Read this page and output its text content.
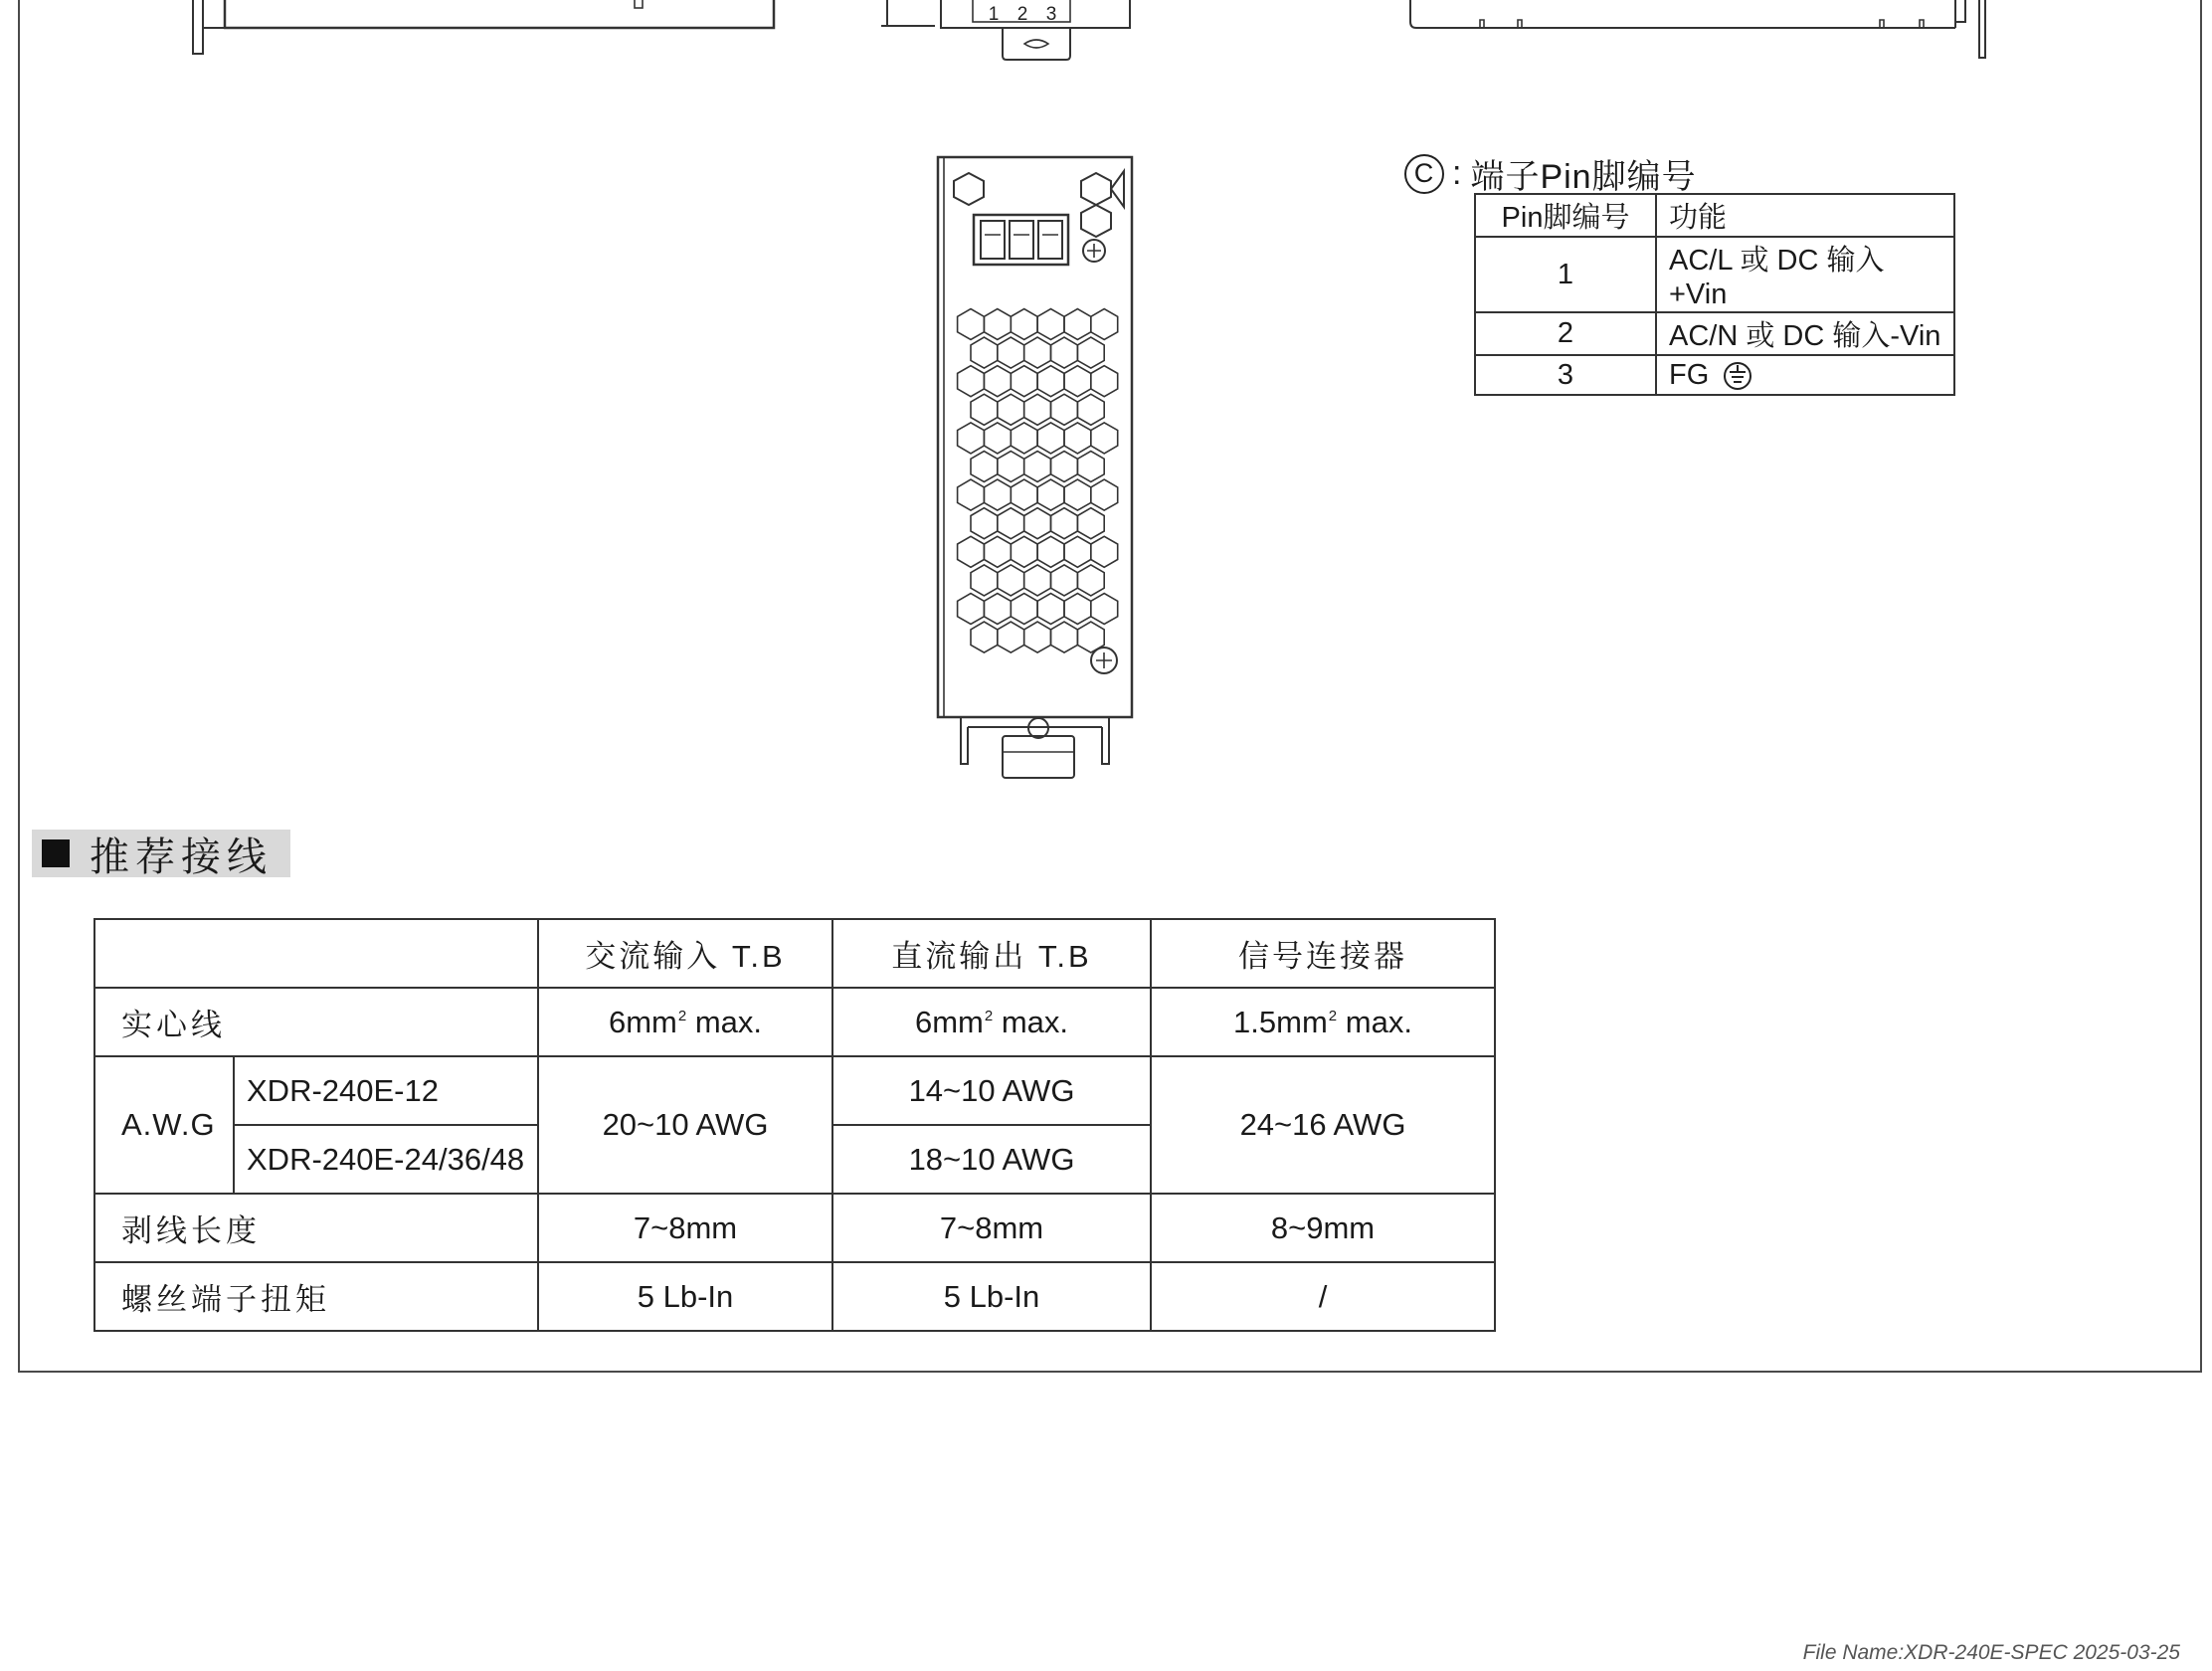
1 2 3
C : 端子Pin脚编号
Pin脚编号	功能
1	AC/L 或 DC 输入+Vin
2	AC/N 或 DC 输入-Vin
3	FG
推荐接线
		交流输入 T.B	直流输出 T.B	信号连接器
实心线		$6mm^2$ max.	$6mm^2$ max.	$1.5mm^2$ max.
A.W.G	XDR-240E-12	20~10 AWG	14~10 AWG	24~16 AWG
	XDR-240E-24/36/48		18~10 AWG	
剥线长度		7~8mm	7~8mm	8~9mm
螺丝端子扭矩		5 Lb-In	5 Lb-In	/
File Name:XDR-240E-SPEC 2025-03-25
